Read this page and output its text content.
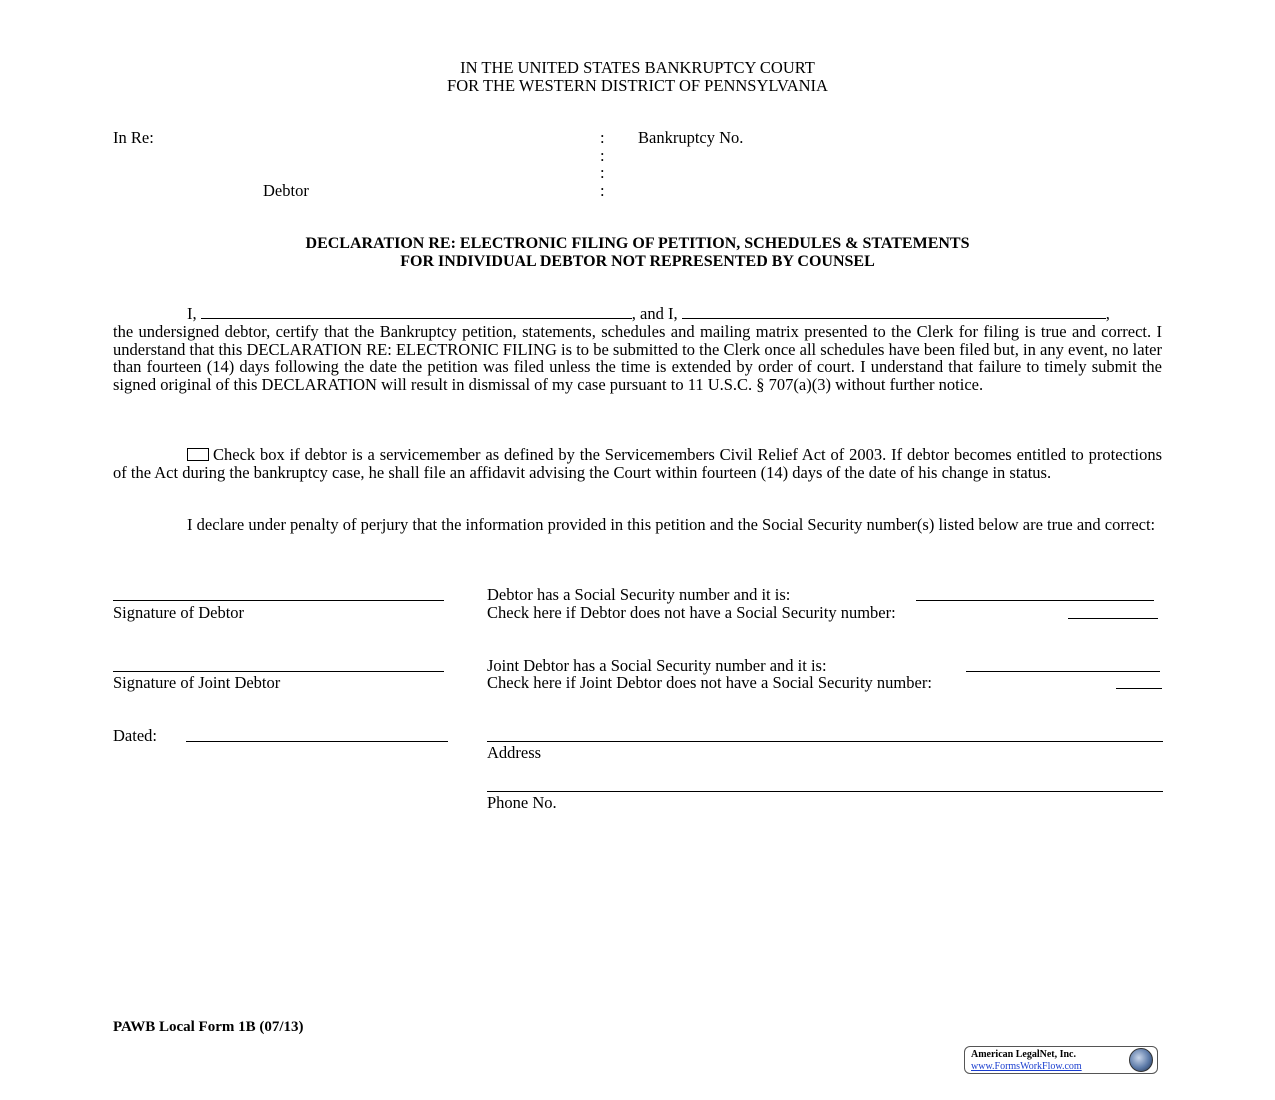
IN THE UNITED STATES BANKRUPTCY COURT
FOR THE WESTERN DISTRICT OF PENNSYLVANIA
In Re:
Debtor
:
:
:
:
Bankruptcy No.
DECLARATION RE: ELECTRONIC FILING OF PETITION, SCHEDULES & STATEMENTS
FOR INDIVIDUAL DEBTOR NOT REPRESENTED BY COUNSEL
I,	, and I,	,
the undersigned debtor, certify that the Bankruptcy petition, statements, schedules and mailing matrix presented to the Clerk for filing is true and correct. I understand that this DECLARATION RE: ELECTRONIC FILING is to be submitted to the Clerk once all schedules have been filed but, in any event, no later than fourteen (14) days following the date the petition was filed unless the time is extended by order of court. I understand that failure to timely submit the signed original of this DECLARATION will result in dismissal of my case pursuant to 11 U.S.C. § 707(a)(3) without further notice.
Check box if debtor is a servicemember as defined by the Servicemembers Civil Relief Act of 2003. If debtor becomes entitled to protections of the Act during the bankruptcy case, he shall file an affidavit advising the Court within fourteen (14) days of the date of his change in status.
I declare under penalty of perjury that the information provided in this petition and the Social Security number(s) listed below are true and correct:
Signature of Debtor
Debtor has a Social Security number and it is:
Check here if Debtor does not have a Social Security number:
Signature of Joint Debtor
Joint Debtor has a Social Security number and it is:
Check here if Joint Debtor does not have a Social Security number:
Dated:
Address
Phone No.
PAWB Local Form 1B (07/13)
American LegalNet, Inc.
www.FormsWorkFlow.com
